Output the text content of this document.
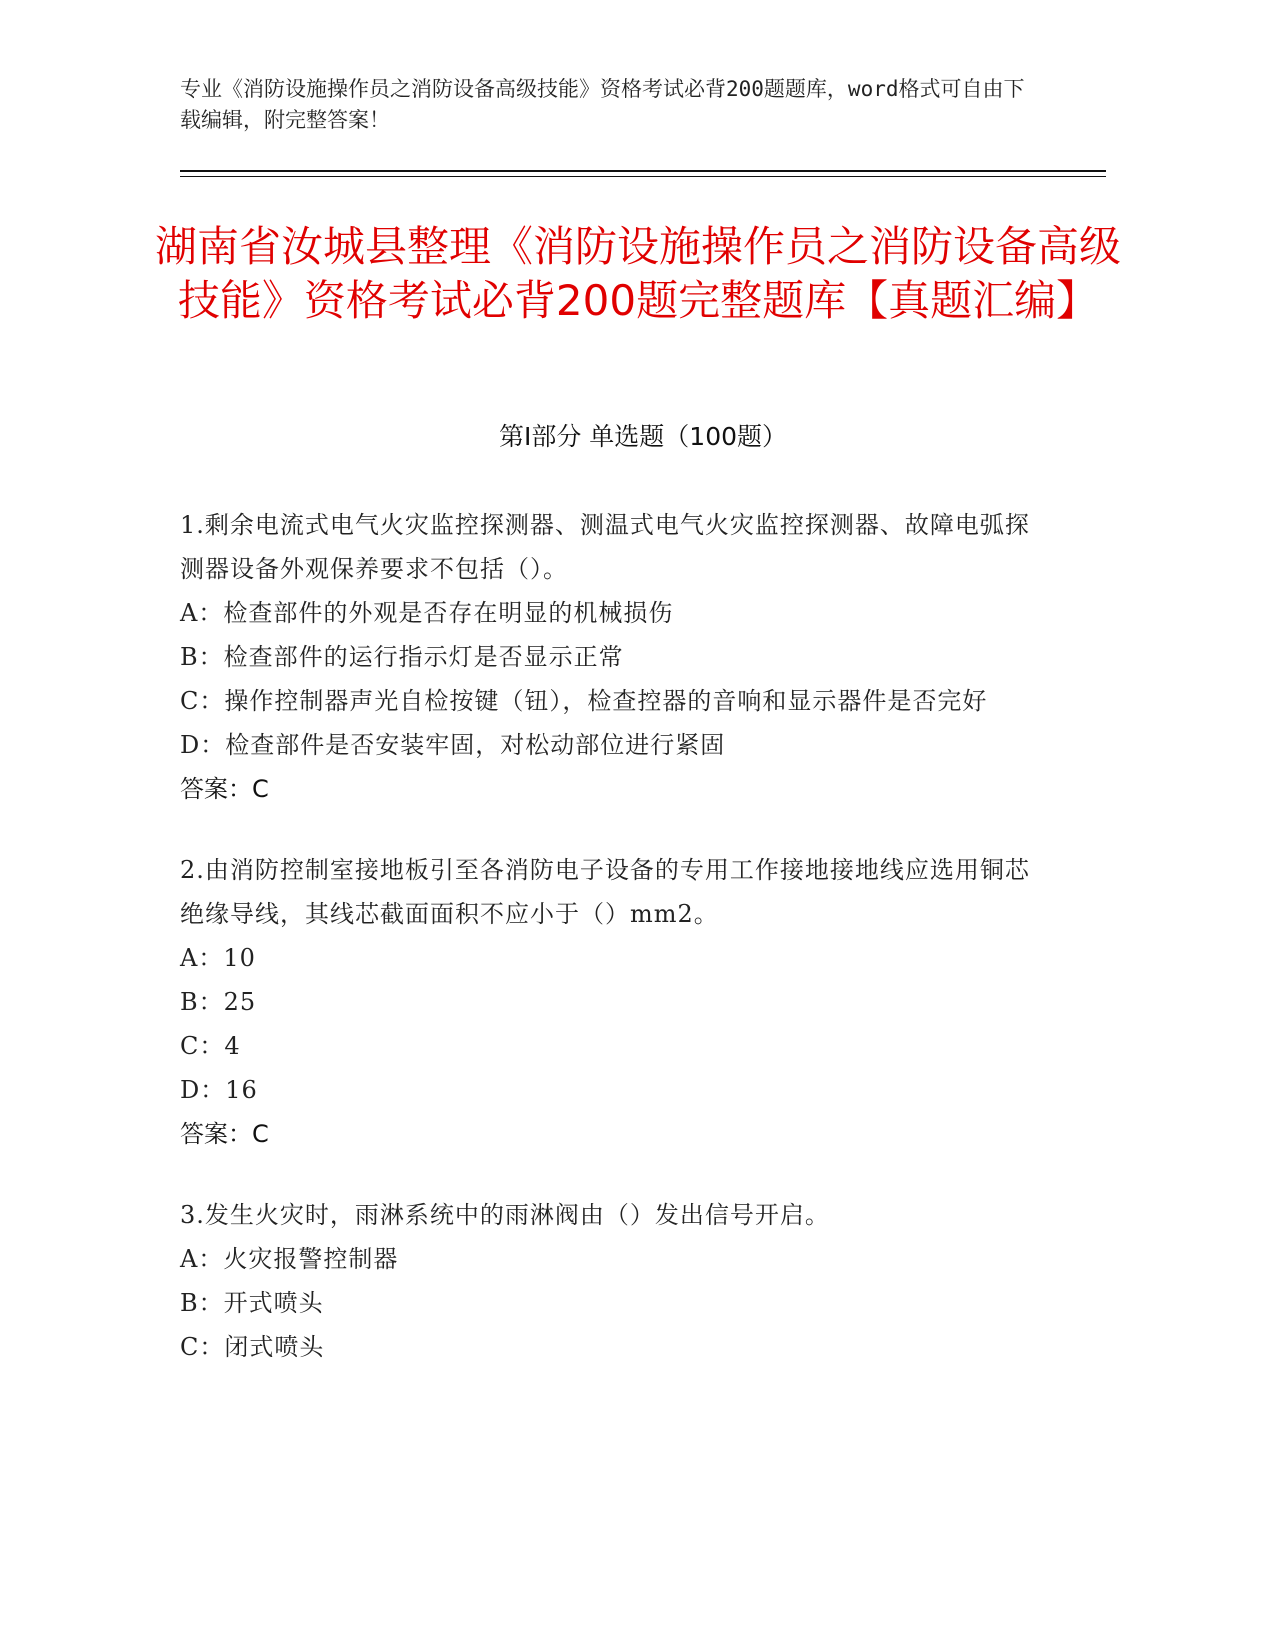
专业《消防设施操作员之消防设备高级技能》资格考试必背200题题库，word格式可自由下载编辑，附完整答案！
湖南省汝城县整理《消防设施操作员之消防设备高级技能》资格考试必背200题完整题库【真题汇编】
第Ⅰ部分 单选题（100题）
1.剩余电流式电气火灾监控探测器、测温式电气火灾监控探测器、故障电弧探测器设备外观保养要求不包括（）。
A：检查部件的外观是否存在明显的机械损伤
B：检查部件的运行指示灯是否显示正常
C：操作控制器声光自检按键（钮），检查控器的音响和显示器件是否完好
D：检查部件是否安装牢固，对松动部位进行紧固
答案：C
2.由消防控制室接地板引至各消防电子设备的专用工作接地接地线应选用铜芯绝缘导线，其线芯截面面积不应小于（）mm2。
A：10
B：25
C：4
D：16
答案：C
3.发生火灾时，雨淋系统中的雨淋阀由（）发出信号开启。
A：火灾报警控制器
B：开式喷头
C：闭式喷头
